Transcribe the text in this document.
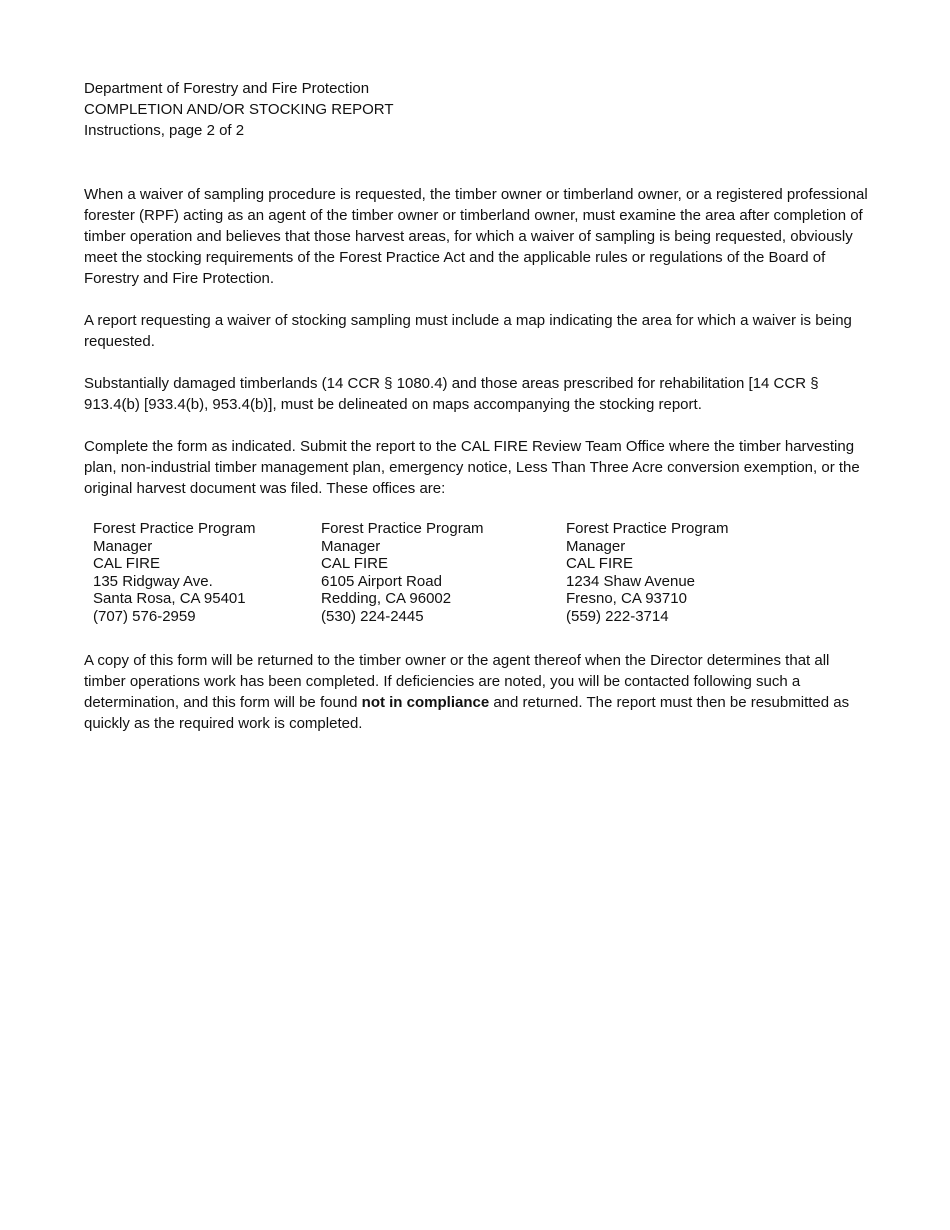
Department of Forestry and Fire Protection
COMPLETION AND/OR STOCKING REPORT
Instructions, page 2 of 2

When a waiver of sampling procedure is requested, the timber owner or timberland owner, or a registered professional forester (RPF) acting as an agent of the timber owner or timberland owner, must examine the area after completion of timber operation and believes that those harvest areas, for which a waiver of sampling is being requested, obviously meet the stocking requirements of the Forest Practice Act and the applicable rules or regulations of the Board of Forestry and Fire Protection.

A report requesting a waiver of stocking sampling must include a map indicating the area for which a waiver is being requested.

Substantially damaged timberlands (14 CCR § 1080.4) and those areas prescribed for rehabilitation [14 CCR § 913.4(b) [933.4(b), 953.4(b)], must be delineated on maps accompanying the stocking report.

Complete the form as indicated. Submit the report to the CAL FIRE Review Team Office where the timber harvesting plan, non-industrial timber management plan, emergency notice, Less Than Three Acre conversion exemption, or the original harvest document was filed. These offices are:

Forest Practice Program
Manager
CAL FIRE
135 Ridgway Ave.
Santa Rosa, CA 95401
(707) 576-2959
Forest Practice Program
Manager
CAL FIRE
6105 Airport Road
Redding, CA 96002
(530) 224-2445
Forest Practice Program
Manager
CAL FIRE
1234 Shaw Avenue
Fresno, CA 93710
(559) 222-3714

A copy of this form will be returned to the timber owner or the agent thereof when the Director determines that all timber operations work has been completed. If deficiencies are noted, you will be contacted following such a determination, and this form will be found not in compliance and returned. The report must then be resubmitted as quickly as the required work is completed.
